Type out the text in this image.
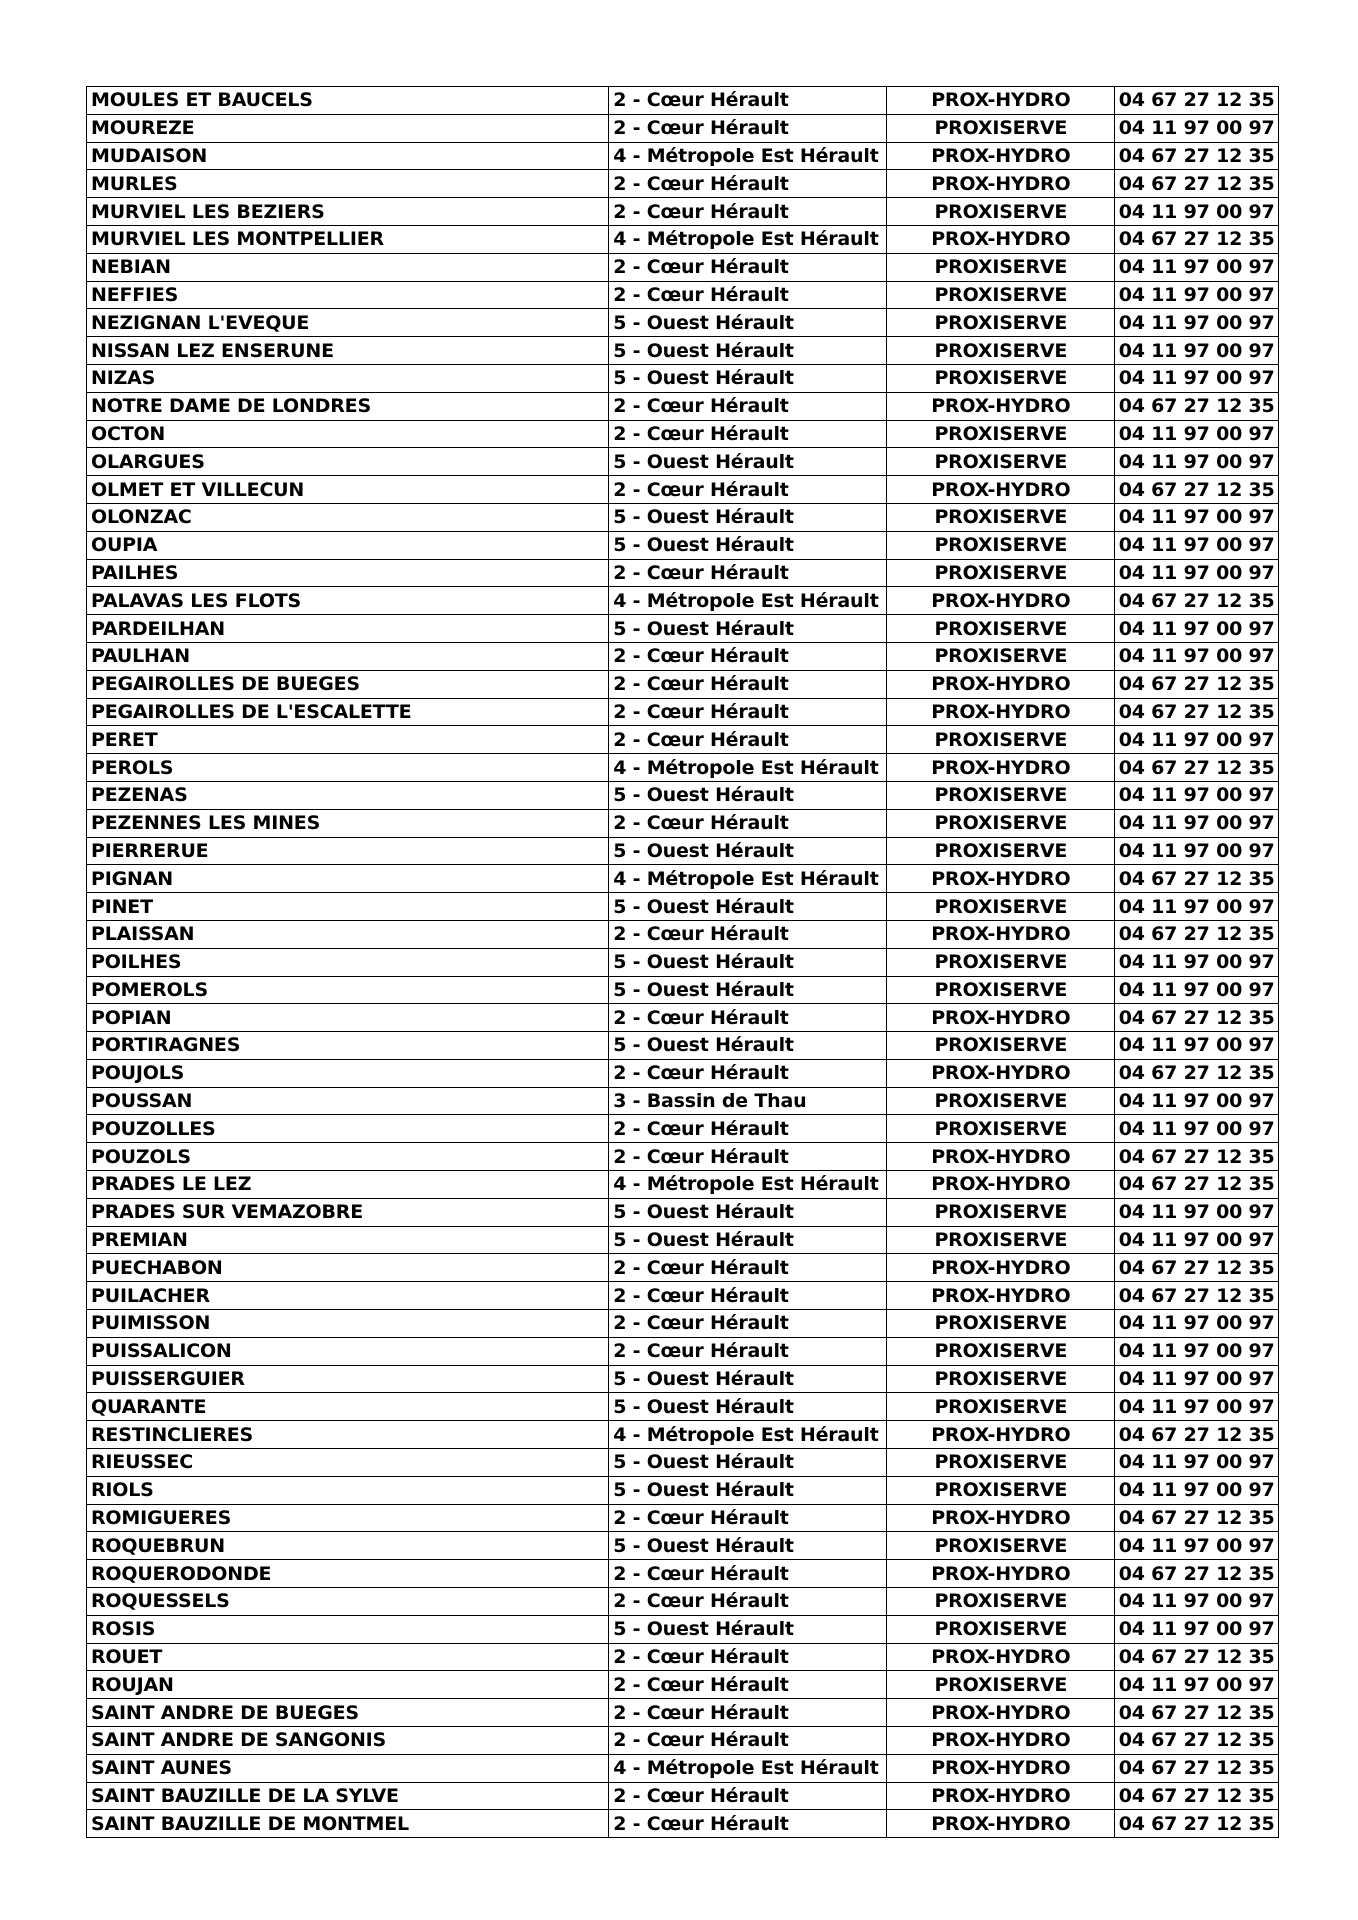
MOULES ET BAUCELS	2 - Cœur Hérault	PROX-HYDRO	04 67 27 12 35
MOUREZE	2 - Cœur Hérault	PROXISERVE	04 11 97 00 97
MUDAISON	4 - Métropole Est Hérault	PROX-HYDRO	04 67 27 12 35
MURLES	2 - Cœur Hérault	PROX-HYDRO	04 67 27 12 35
MURVIEL LES BEZIERS	2 - Cœur Hérault	PROXISERVE	04 11 97 00 97
MURVIEL LES MONTPELLIER	4 - Métropole Est Hérault	PROX-HYDRO	04 67 27 12 35
NEBIAN	2 - Cœur Hérault	PROXISERVE	04 11 97 00 97
NEFFIES	2 - Cœur Hérault	PROXISERVE	04 11 97 00 97
NEZIGNAN L'EVEQUE	5 - Ouest Hérault	PROXISERVE	04 11 97 00 97
NISSAN LEZ ENSERUNE	5 - Ouest Hérault	PROXISERVE	04 11 97 00 97
NIZAS	5 - Ouest Hérault	PROXISERVE	04 11 97 00 97
NOTRE DAME DE LONDRES	2 - Cœur Hérault	PROX-HYDRO	04 67 27 12 35
OCTON	2 - Cœur Hérault	PROXISERVE	04 11 97 00 97
OLARGUES	5 - Ouest Hérault	PROXISERVE	04 11 97 00 97
OLMET ET VILLECUN	2 - Cœur Hérault	PROX-HYDRO	04 67 27 12 35
OLONZAC	5 - Ouest Hérault	PROXISERVE	04 11 97 00 97
OUPIA	5 - Ouest Hérault	PROXISERVE	04 11 97 00 97
PAILHES	2 - Cœur Hérault	PROXISERVE	04 11 97 00 97
PALAVAS LES FLOTS	4 - Métropole Est Hérault	PROX-HYDRO	04 67 27 12 35
PARDEILHAN	5 - Ouest Hérault	PROXISERVE	04 11 97 00 97
PAULHAN	2 - Cœur Hérault	PROXISERVE	04 11 97 00 97
PEGAIROLLES DE BUEGES	2 - Cœur Hérault	PROX-HYDRO	04 67 27 12 35
PEGAIROLLES DE L'ESCALETTE	2 - Cœur Hérault	PROX-HYDRO	04 67 27 12 35
PERET	2 - Cœur Hérault	PROXISERVE	04 11 97 00 97
PEROLS	4 - Métropole Est Hérault	PROX-HYDRO	04 67 27 12 35
PEZENAS	5 - Ouest Hérault	PROXISERVE	04 11 97 00 97
PEZENNES LES MINES	2 - Cœur Hérault	PROXISERVE	04 11 97 00 97
PIERRERUE	5 - Ouest Hérault	PROXISERVE	04 11 97 00 97
PIGNAN	4 - Métropole Est Hérault	PROX-HYDRO	04 67 27 12 35
PINET	5 - Ouest Hérault	PROXISERVE	04 11 97 00 97
PLAISSAN	2 - Cœur Hérault	PROX-HYDRO	04 67 27 12 35
POILHES	5 - Ouest Hérault	PROXISERVE	04 11 97 00 97
POMEROLS	5 - Ouest Hérault	PROXISERVE	04 11 97 00 97
POPIAN	2 - Cœur Hérault	PROX-HYDRO	04 67 27 12 35
PORTIRAGNES	5 - Ouest Hérault	PROXISERVE	04 11 97 00 97
POUJOLS	2 - Cœur Hérault	PROX-HYDRO	04 67 27 12 35
POUSSAN	3 - Bassin de Thau	PROXISERVE	04 11 97 00 97
POUZOLLES	2 - Cœur Hérault	PROXISERVE	04 11 97 00 97
POUZOLS	2 - Cœur Hérault	PROX-HYDRO	04 67 27 12 35
PRADES LE LEZ	4 - Métropole Est Hérault	PROX-HYDRO	04 67 27 12 35
PRADES SUR VEMAZOBRE	5 - Ouest Hérault	PROXISERVE	04 11 97 00 97
PREMIAN	5 - Ouest Hérault	PROXISERVE	04 11 97 00 97
PUECHABON	2 - Cœur Hérault	PROX-HYDRO	04 67 27 12 35
PUILACHER	2 - Cœur Hérault	PROX-HYDRO	04 67 27 12 35
PUIMISSON	2 - Cœur Hérault	PROXISERVE	04 11 97 00 97
PUISSALICON	2 - Cœur Hérault	PROXISERVE	04 11 97 00 97
PUISSERGUIER	5 - Ouest Hérault	PROXISERVE	04 11 97 00 97
QUARANTE	5 - Ouest Hérault	PROXISERVE	04 11 97 00 97
RESTINCLIERES	4 - Métropole Est Hérault	PROX-HYDRO	04 67 27 12 35
RIEUSSEC	5 - Ouest Hérault	PROXISERVE	04 11 97 00 97
RIOLS	5 - Ouest Hérault	PROXISERVE	04 11 97 00 97
ROMIGUERES	2 - Cœur Hérault	PROX-HYDRO	04 67 27 12 35
ROQUEBRUN	5 - Ouest Hérault	PROXISERVE	04 11 97 00 97
ROQUERODONDE	2 - Cœur Hérault	PROX-HYDRO	04 67 27 12 35
ROQUESSELS	2 - Cœur Hérault	PROXISERVE	04 11 97 00 97
ROSIS	5 - Ouest Hérault	PROXISERVE	04 11 97 00 97
ROUET	2 - Cœur Hérault	PROX-HYDRO	04 67 27 12 35
ROUJAN	2 - Cœur Hérault	PROXISERVE	04 11 97 00 97
SAINT ANDRE DE BUEGES	2 - Cœur Hérault	PROX-HYDRO	04 67 27 12 35
SAINT ANDRE DE SANGONIS	2 - Cœur Hérault	PROX-HYDRO	04 67 27 12 35
SAINT AUNES	4 - Métropole Est Hérault	PROX-HYDRO	04 67 27 12 35
SAINT BAUZILLE DE LA SYLVE	2 - Cœur Hérault	PROX-HYDRO	04 67 27 12 35
SAINT BAUZILLE DE MONTMEL	2 - Cœur Hérault	PROX-HYDRO	04 67 27 12 35
